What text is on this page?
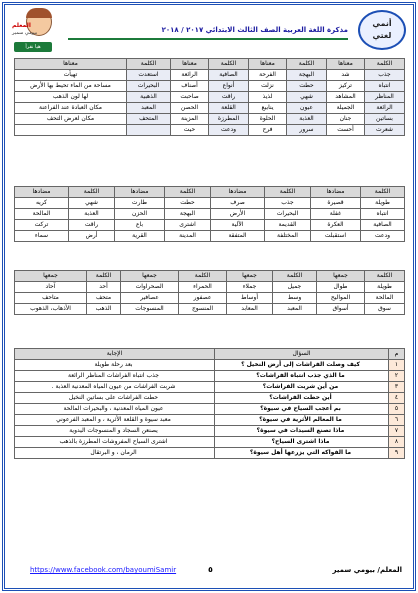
المعلم
بيومي سمير
هيا نقرأ
مذكرة اللغة العربية الصف الثالث الابتدائي ٢٠١٧ / ٢٠١٨
أنمي
لغتي
الكلمة	معناها	الكلمة	معناها	الكلمة	معناها	الكلمة	معناها
جذب	شد	البهجة	الفرحة	الصافية	الرائعة	استعدت	تهيأت
انتباه	تركيز	حطت	نزلت	أنواع	أصناف	البحيرات	مساحة من الماء تحيط بها الأرض
المناظر	المشاهد	شهي	لذيذ	راقت	صاحبت	الذهبية	لها لون الذهب
الرائعة	الجميلة	عيون	ينابيع	القلعة	الحصن	المعبد	مكان العبادة عند الفراعنة
بساتين	جنان	العذبة	الحلوة	المطرزة	المزينة	المتحف	مكان لعرض التحف
شعرت	أحست	سرور	فرح	ودعت	حيت		
الكلمة	مضادها	الكلمة	مضادها	الكلمة	مضادها	الكلمة	مضادها
طويلة	قصيرة	جذب	صرف	حطت	طارت	شهي	كريه
انتباه	غفلة	البحيرات	الأرض	البهجة	الحزن	العذبة	المالحة
الصافية	العكرة	القديمة	الآلية	اشترى	باع	راقت	تركت
ودعت	استقبلت	المختلفة	المتفقة	المدينة	القرية	أرض	سماء
الكلمة	جمعها	الكلمة	جمعها	الكلمة	جمعها	الكلمة	جمعها
طويلة	طوال	جميل	جملاء	الحمراء	الصحراوات	أحد	آحاد
المالحة	المواليح	وسط	أوساط	عصفور	عصافير	متحف	متاحف
سوق	أسواق	المعبد	المعابد	المنسوج	المنسوجات	الذهب	الأذهاب، الذهوب
م	السؤال	الإجابة
١	كيف وصلت الفراشات إلى أرض النخيل ؟	بعد رحلة طويلة
٢	ما الذي جذب انتباه الفراشات؟	جذب انتباه الفراشات المناظر الرائعة
٣	من أين شربت الفراشات؟	شربت الفراشات من عيون المياه المعدنية العذبة .
٤	أين حطت الفراشات؟	حطت الفراشات على بساتين النخيل
٥	بم أعجب السياح في سيوة؟	عيون المياه المعدنية ، والبحيرات المالحة
٦	ما المعالم الأثرية في سيوة؟	معبد سيوة و القلعة الأثرية ، و المعبد الفرعوني
٧	ماذا تصنع السيدات في سيوة؟	يصنعن السجاد و المنسوجات اليدوية
٨	ماذا اشترى السياح؟	اشترى السياح المفروشات المطرزة بالذهب
٩	ما الفواكه التي يزرعها أهل سيوة؟	الرمان ، و البرتقال
https://www.facebook.com/bayoumiSamir	٥	المعلم/ بيومي سمير
